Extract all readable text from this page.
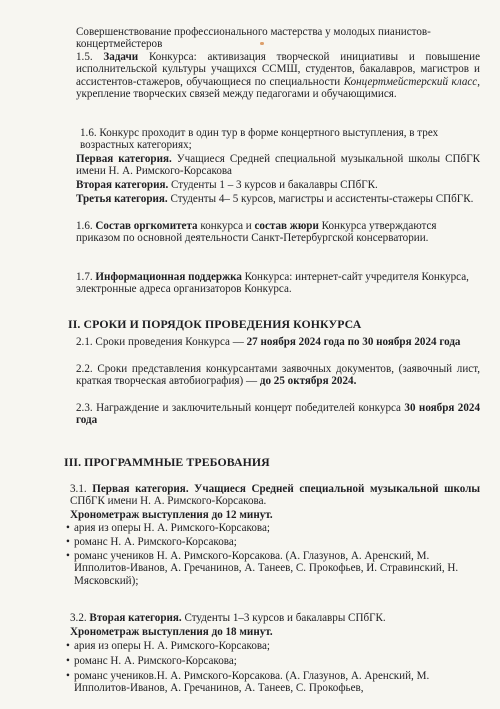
Совершенствование профессионального мастерства у молодых пианистов-концертмейстеров

1.5. Задачи Конкурса: активизация творческой инициативы и повышение исполнительской культуры учащихся ССМШ, студентов, бакалавров, магистров и ассистентов-стажеров, обучающиеся по специальности Концертмейстерский класс, укрепление творческих связей между педагогами и обучающимися.

1.6. Конкурс проходит в один тур в форме концертного выступления, в трех возрастных категориях;

Первая категория. Учащиеся Средней специальной музыкальной школы СПбГК имени Н. А. Римского-Корсакова

Вторая категория. Студенты 1 – 3 курсов и бакалавры СПбГК.

Третья категория. Студенты 4– 5 курсов, магистры и ассистенты-стажеры СПбГК.

1.6. Состав оргкомитета конкурса и состав жюри Конкурса утверждаются приказом по основной деятельности Санкт-Петербургской консерватории.

1.7. Информационная поддержка Конкурса: интернет-сайт учредителя Конкурса, электронные адреса организаторов Конкурса.

II. СРОКИ И ПОРЯДОК ПРОВЕДЕНИЯ КОНКУРСА

2.1. Сроки проведения Конкурса — 27 ноября 2024 года по 30 ноября 2024 года

2.2. Сроки представления конкурсантами заявочных документов, (заявочный лист, краткая творческая автобиография) — до 25 октября 2024.

2.3. Награждение и заключительный концерт победителей конкурса 30 ноября 2024 года

III. ПРОГРАММНЫЕ ТРЕБОВАНИЯ

3.1. Первая категория. Учащиеся Средней специальной музыкальной школы СПбГК имени Н. А. Римского-Корсакова.

Хронометраж выступления до 12 минут.

• ария из оперы Н. А. Римского-Корсакова;
• романс Н. А. Римского-Корсакова;
• романс учеников Н. А. Римского-Корсакова. (А. Глазунов, А. Аренский, М. Ипполитов-Иванов, А. Гречанинов, А. Танеев, С. Прокофьев, И. Стравинский, Н. Мясковский);

3.2. Вторая категория. Студенты 1–3 курсов и бакалавры СПбГК.

Хронометраж выступления до 18 минут.

• ария из оперы Н. А. Римского-Корсакова;
• романс Н. А. Римского-Корсакова;
• романс учеников.Н. А. Римского-Корсакова. (А. Глазунов, А. Аренский, М. Ипполитов-Иванов, А. Гречанинов, А. Танеев, С. Прокофьев,
